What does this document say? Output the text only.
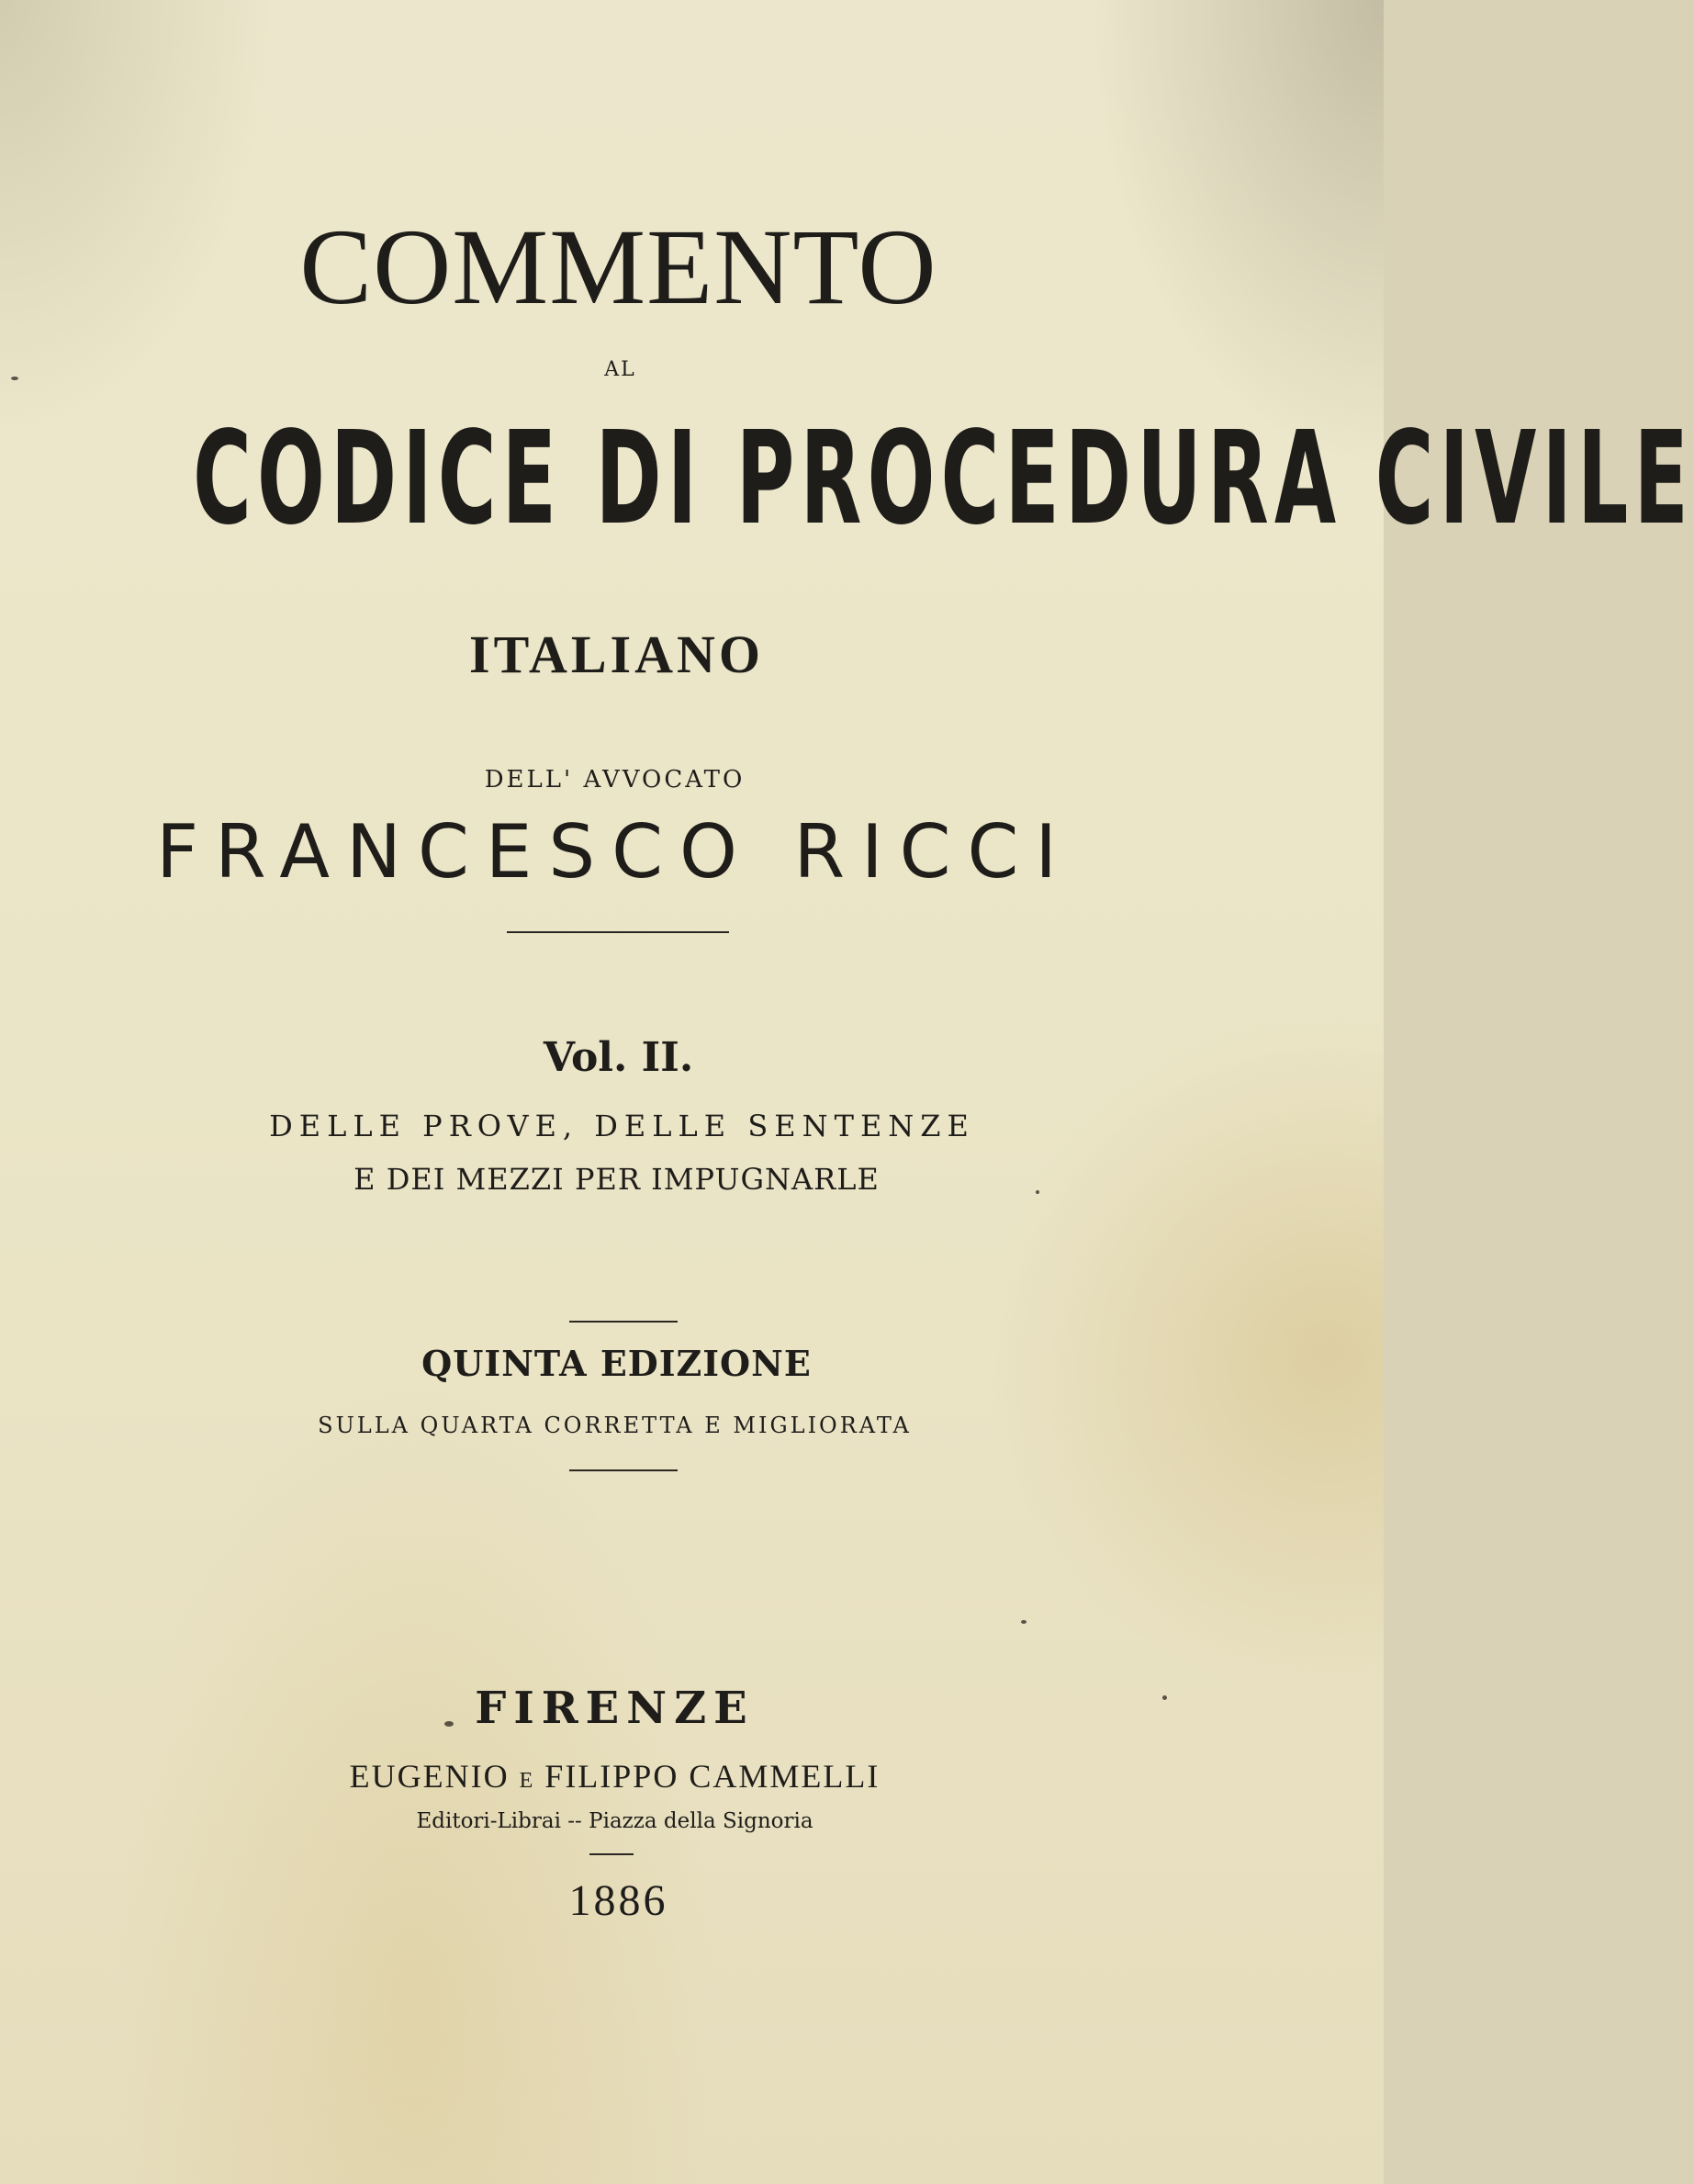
COMMENTO
AL
CODICE DI PROCEDURA CIVILE
ITALIANO
DELL' AVVOCATO
FRANCESCO RICCI
Vol. II.
DELLE PROVE, DELLE SENTENZE
E DEI MEZZI PER IMPUGNARLE
QUINTA EDIZIONE
SULLA QUARTA CORRETTA E MIGLIORATA
FIRENZE
EUGENIO E FILIPPO CAMMELLI
Editori-Librai -- Piazza della Signoria
1886
